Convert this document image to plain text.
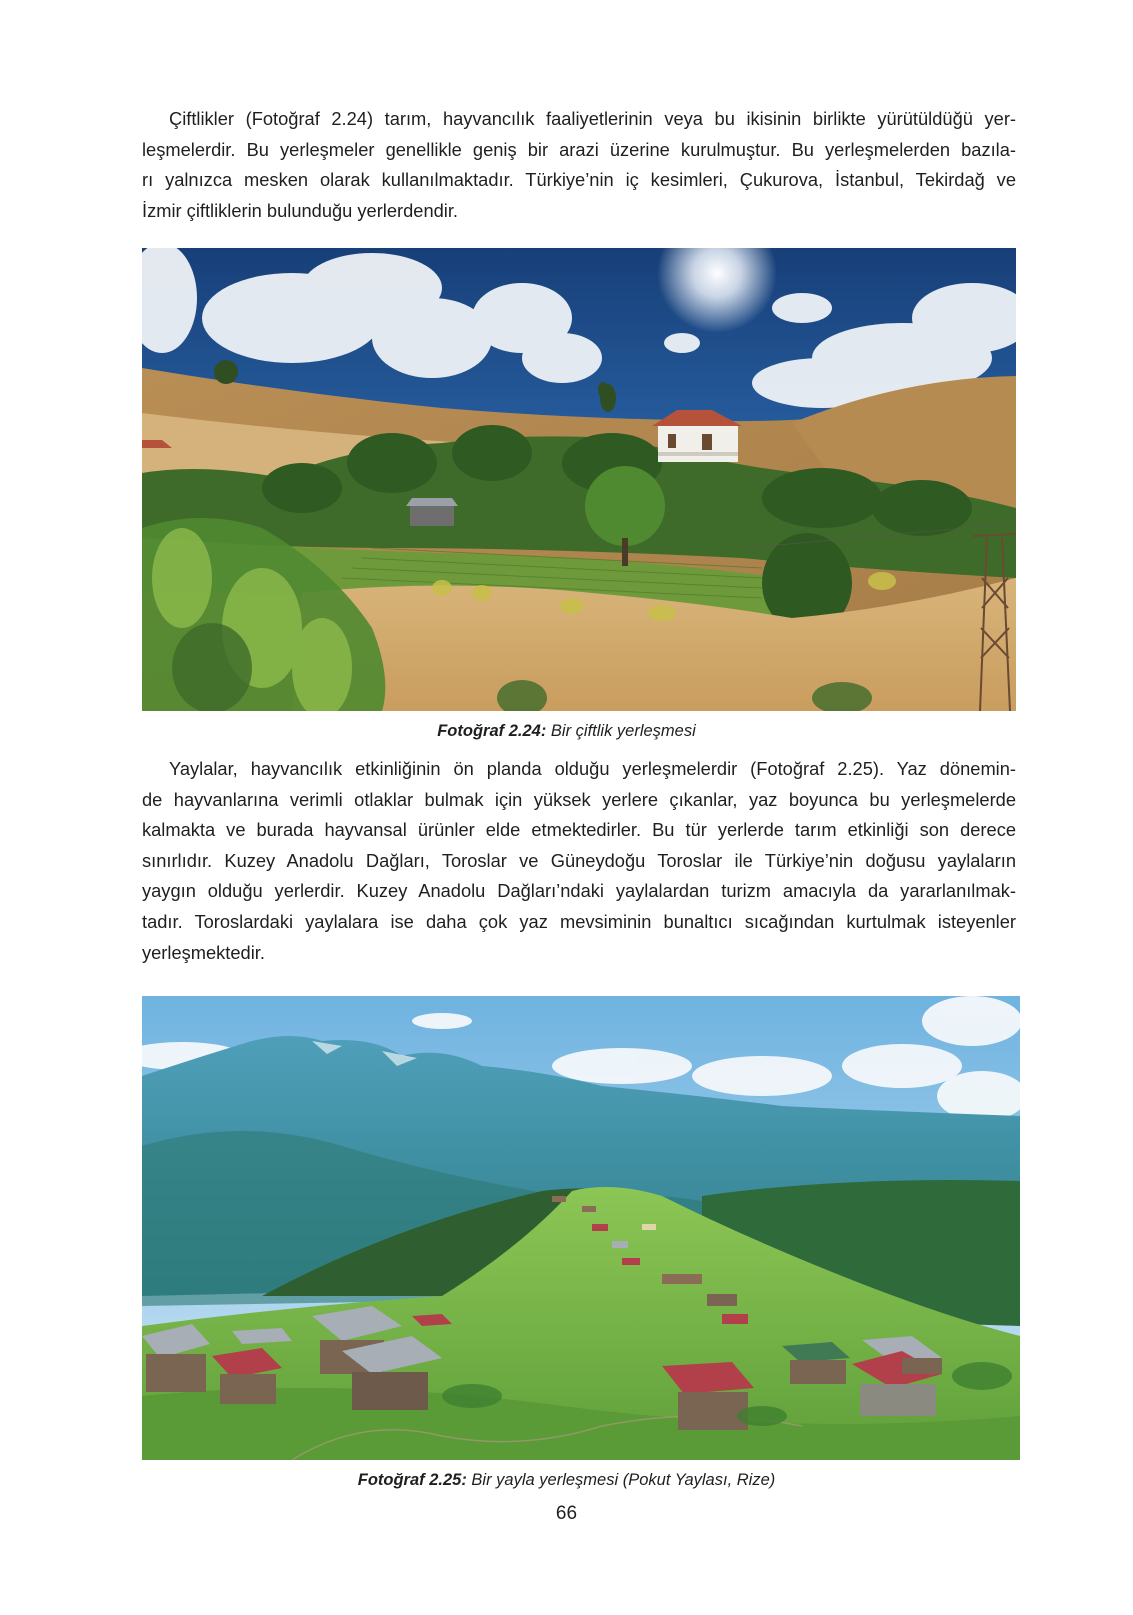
Çiftlikler (Fotoğraf 2.24) tarım, hayvancılık faaliyetlerinin veya bu ikisinin birlikte yürütüldüğü yer-
leşmelerdir. Bu yerleşmeler genellikle geniş bir arazi üzerine kurulmuştur. Bu yerleşmelerden bazıla-
rı yalnızca mesken olarak kullanılmaktadır. Türkiye’nin iç kesimleri, Çukurova, İstanbul, Tekirdağ ve
İzmir çiftliklerin bulunduğu yerlerdendir.
Fotoğraf 2.24: Bir çiftlik yerleşmesi
Yaylalar, hayvancılık etkinliğinin ön planda olduğu yerleşmelerdir (Fotoğraf 2.25). Yaz dönemin-
de hayvanlarına verimli otlaklar bulmak için yüksek yerlere çıkanlar, yaz boyunca bu yerleşmelerde
kalmakta ve burada hayvansal ürünler elde etmektedirler. Bu tür yerlerde tarım etkinliği son derece
sınırlıdır. Kuzey Anadolu Dağları, Toroslar ve Güneydoğu Toroslar ile Türkiye’nin doğusu yaylaların
yaygın olduğu yerlerdir. Kuzey Anadolu Dağları’ndaki yaylalardan turizm amacıyla da yararlanılmak-
tadır. Toroslardaki yaylalara ise daha çok yaz mevsiminin bunaltıcı sıcağından kurtulmak isteyenler
yerleşmektedir.
Fotoğraf 2.25: Bir yayla yerleşmesi (Pokut Yaylası, Rize)
66
